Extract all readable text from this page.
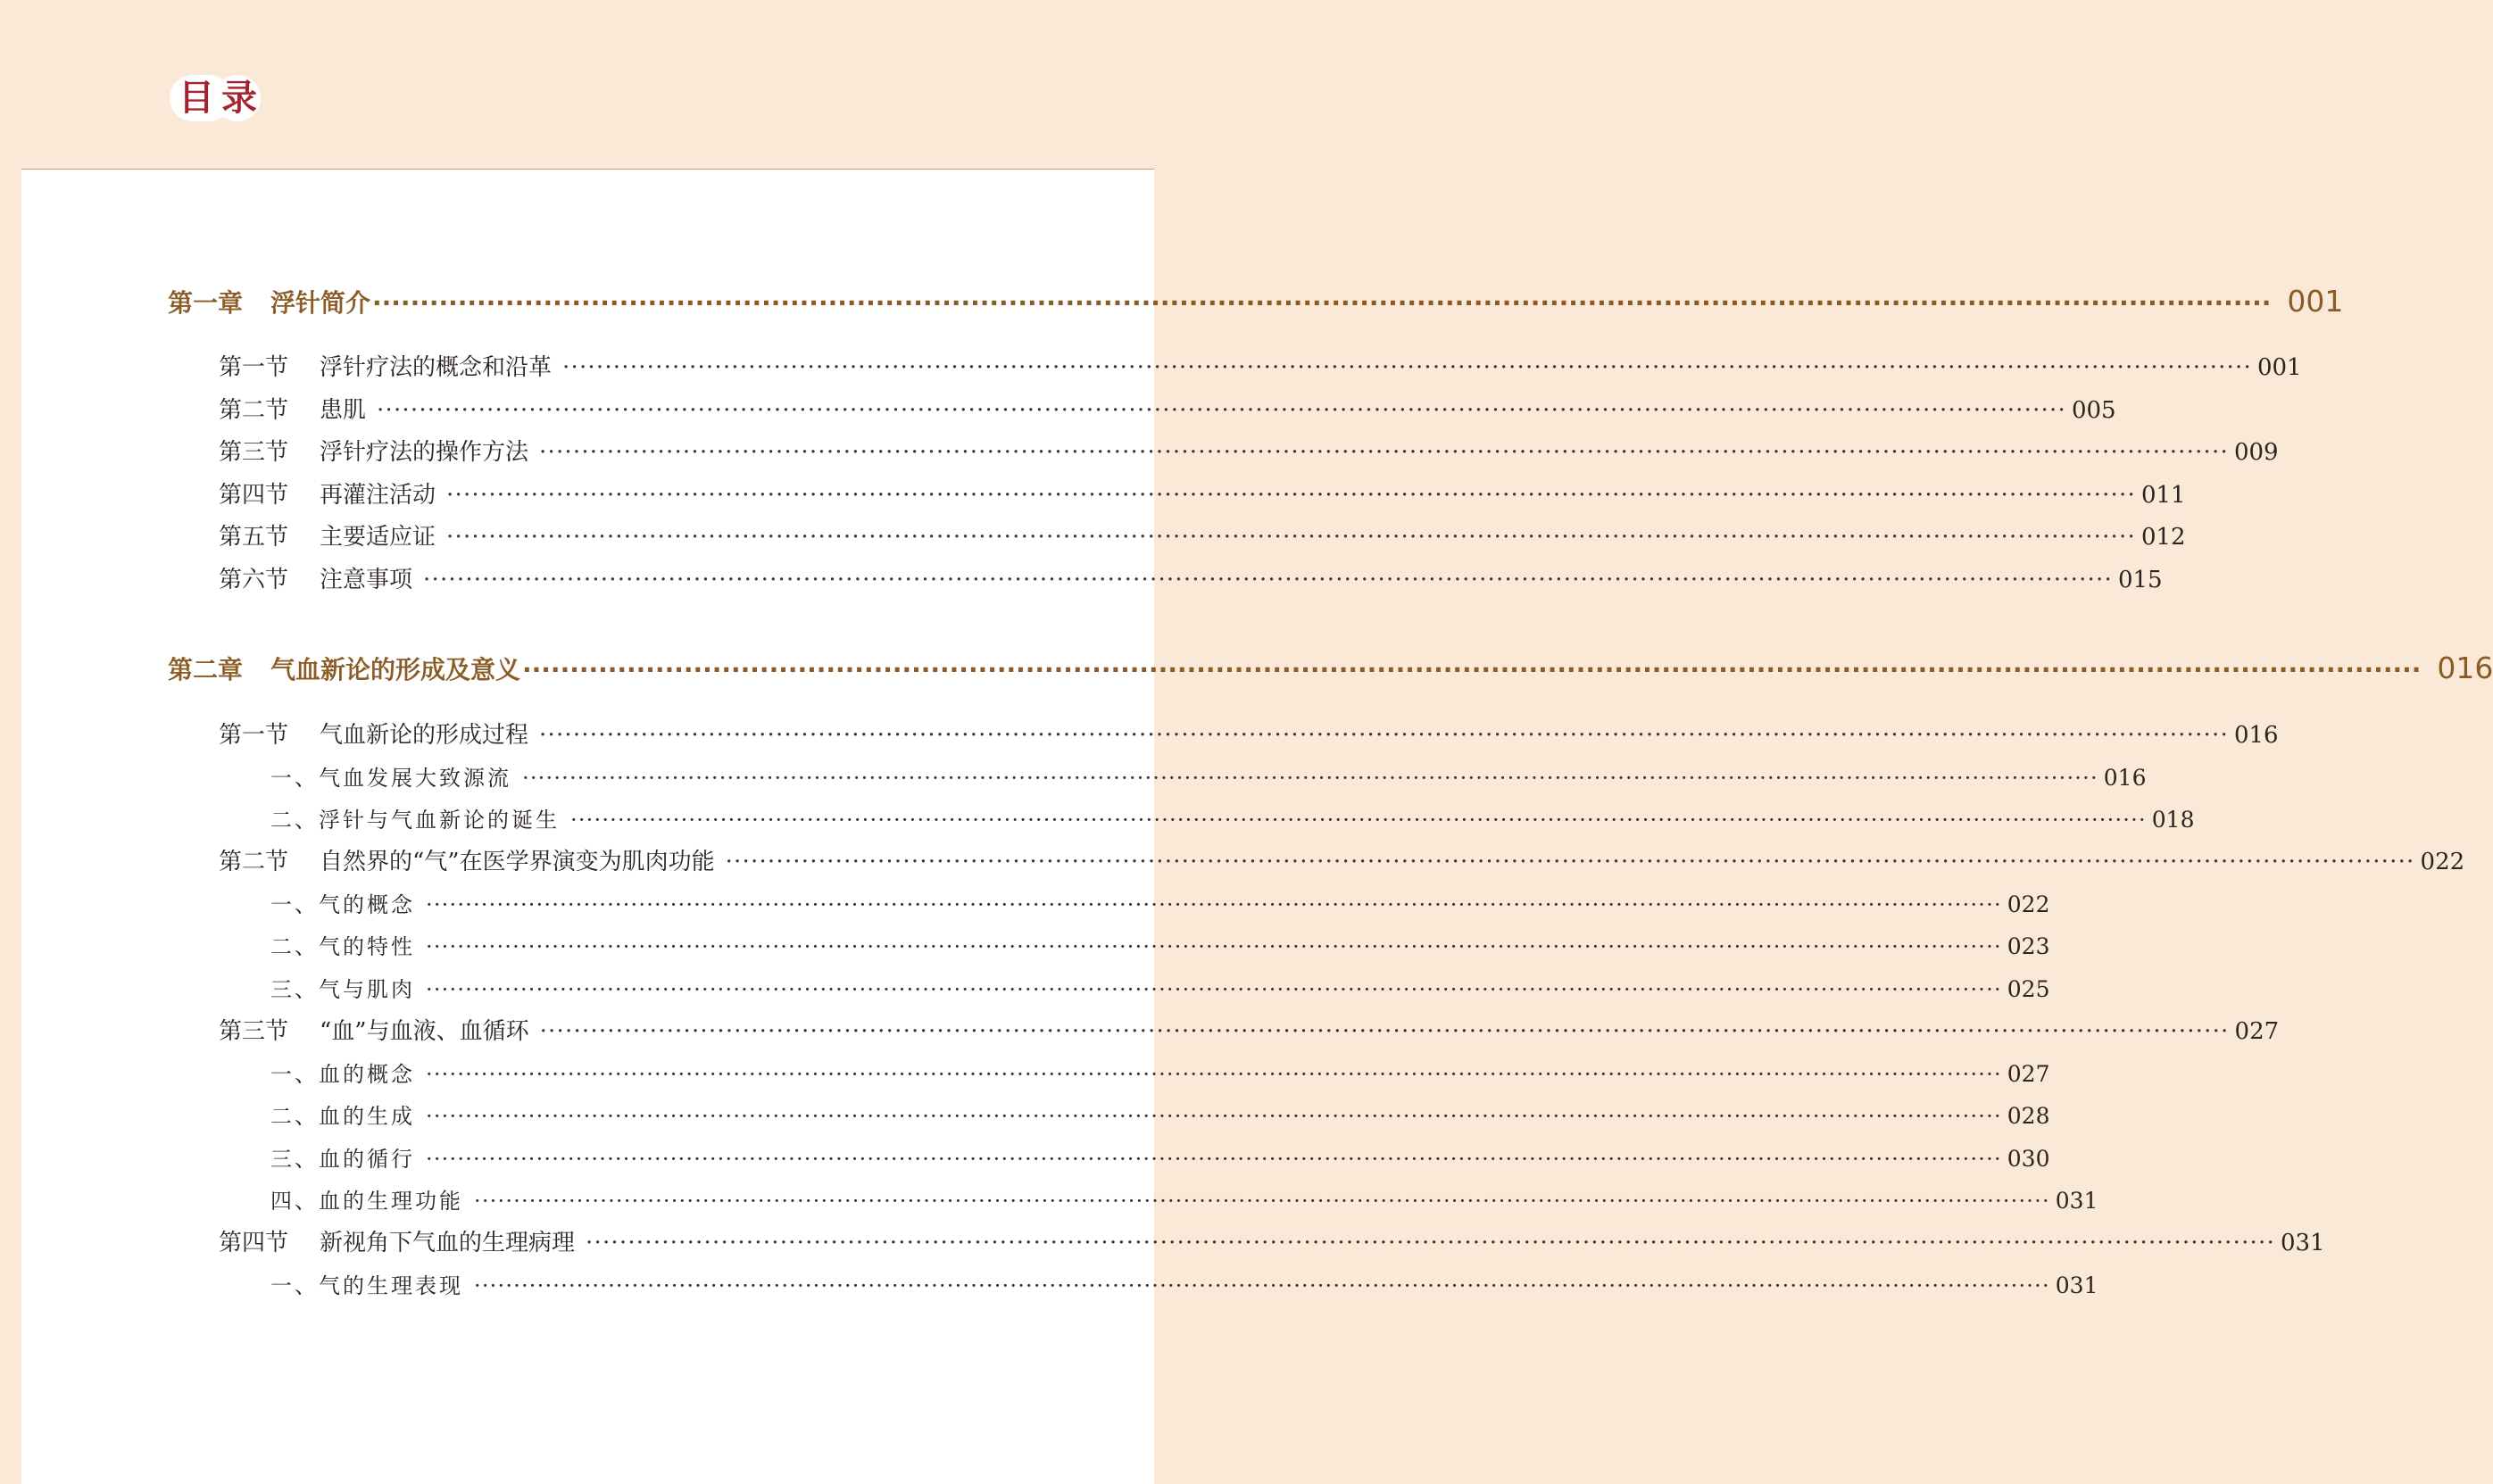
目录
第一章	浮针简介 ········································································································································································································ 001
第一节	浮针疗法的概念和沿革 ········································································································································································································ 001
第二节	患肌 ········································································································································································································ 005
第三节	浮针疗法的操作方法 ········································································································································································································ 009
第四节	再灌注活动 ········································································································································································································ 011
第五节	主要适应证 ········································································································································································································ 012
第六节	注意事项 ········································································································································································································ 015
第二章	气血新论的形成及意义 ········································································································································································································ 016
第一节	气血新论的形成过程 ········································································································································································································ 016
一、气血发展大致源流 ········································································································································································································ 016
二、浮针与气血新论的诞生 ········································································································································································································ 018
第二节	自然界的“气”在医学界演变为肌肉功能 ········································································································································································································ 022
一、气的概念 ········································································································································································································ 022
二、气的特性 ········································································································································································································ 023
三、气与肌肉 ········································································································································································································ 025
第三节	“血”与血液、血循环 ········································································································································································································ 027
一、血的概念 ········································································································································································································ 027
二、血的生成 ········································································································································································································ 028
三、血的循行 ········································································································································································································ 030
四、血的生理功能 ········································································································································································································ 031
第四节	新视角下气血的生理病理 ········································································································································································································ 031
一、气的生理表现 ········································································································································································································ 031
